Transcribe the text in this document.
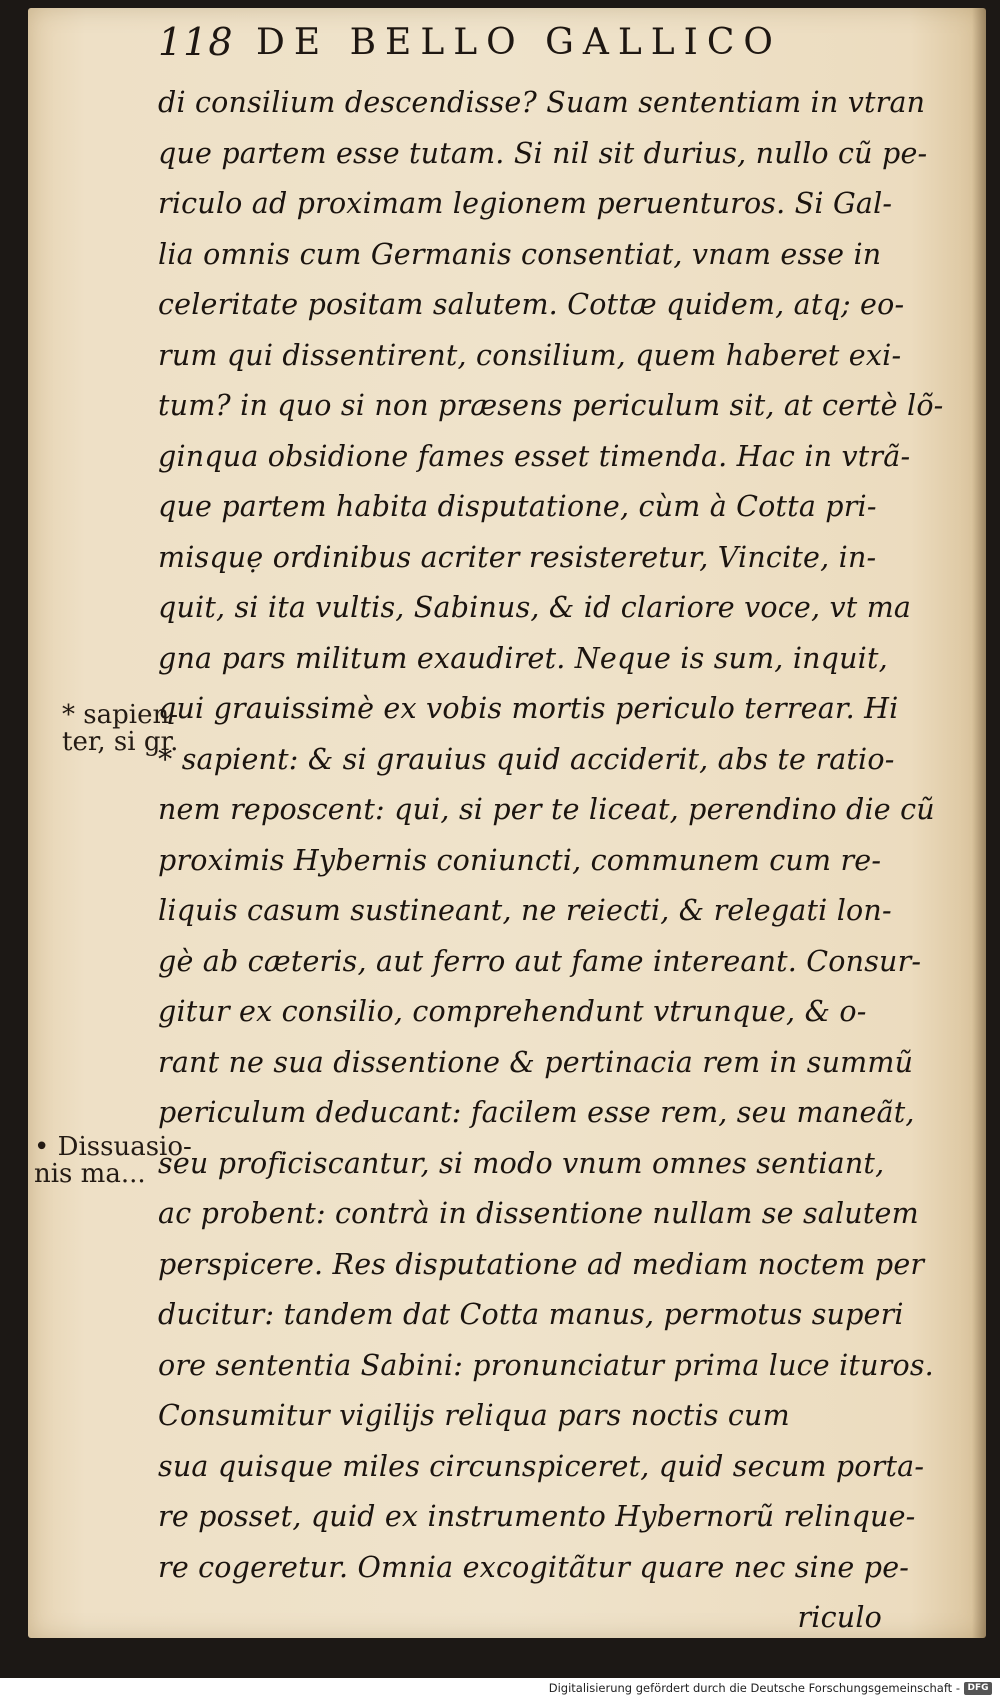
118 DE BELLO GALLICO
di consilium descendisse? Suam sententiam in vtran
que partem esse tutam. Si nil sit durius, nullo cũ pe-
riculo ad proximam legionem peruenturos. Si Gal-
lia omnis cum Germanis consentiat, vnam esse in
celeritate positam salutem. Cottæ quidem, atq; eo-
rum qui dissentirent, consilium, quem haberet exi-
tum? in quo si non præsens periculum sit, at certè lõ-
ginqua obsidione fames esset timenda. Hac in vtrã-
que partem habita disputatione, cùm à Cotta pri-
misquẹ ordinibus acriter resisteretur, Vincite, in-
quit, si ita vultis, Sabinus, & id clariore voce, vt ma
gna pars militum exaudiret. Neque is sum, inquit,
qui grauissimè ex vobis mortis periculo terrear. Hi
* sapient: & si grauius quid acciderit, abs te ratio-
nem reposcent: qui, si per te liceat, perendino die cũ
proximis Hybernis coniuncti, communem cum re-
liquis casum sustineant, ne reiecti, & relegati lon-
gè ab cæteris, aut ferro aut fame intereant. Consur-
gitur ex consilio, comprehendunt vtrunque, & o-
rant ne sua dissentione & pertinacia rem in summũ
periculum deducant: facilem esse rem, seu maneãt,
seu proficiscantur, si modo vnum omnes sentiant,
ac probent: contrà in dissentione nullam se salutem
perspicere. Res disputatione ad mediam noctem per
ducitur: tandem dat Cotta manus, permotus superi
ore sententia Sabini: pronunciatur prima luce ituros.
Consumitur vigilijs reliqua pars noctis cum
sua quisque miles circunspiceret, quid secum porta-
re posset, quid ex instrumento Hybernorũ relinque-
re cogeretur. Omnia excogitãtur quare nec sine pe-
riculo
* sapien-
ter, si gr.
• Dissuasio-
nis ma...
Digitalisierung gefördert durch die Deutsche Forschungsgemeinschaft - DFG
